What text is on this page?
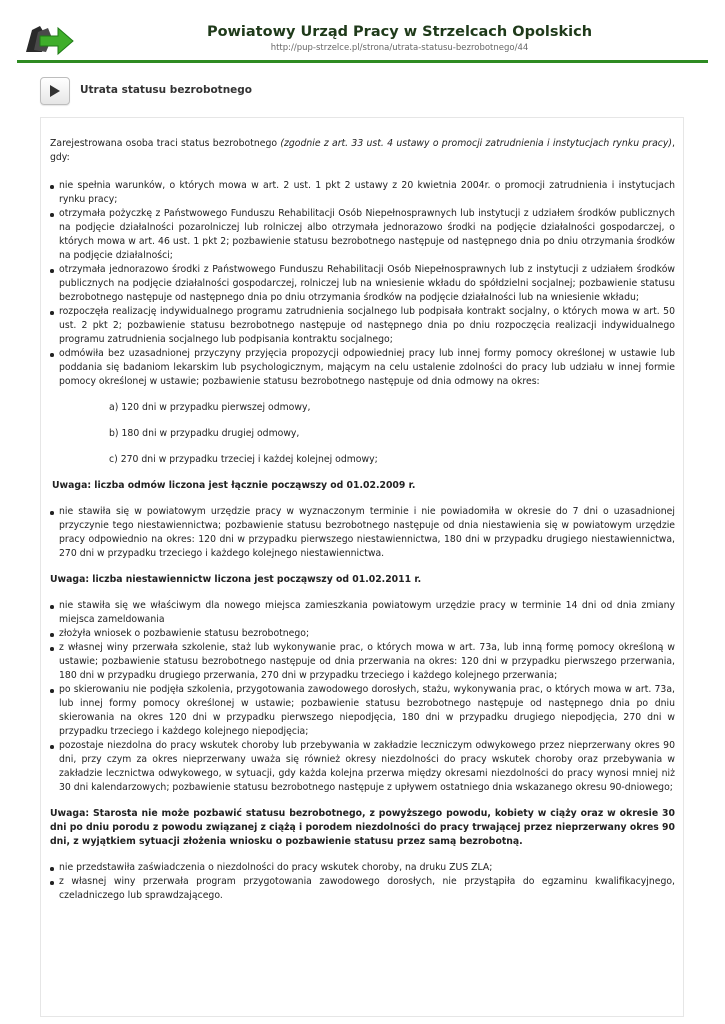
Powiatowy Urząd Pracy w Strzelcach Opolskich
http://pup-strzelce.pl/strona/utrata-statusu-bezrobotnego/44
Utrata statusu bezrobotnego

Zarejestrowana osoba traci status bezrobotnego (zgodnie z art. 33 ust. 4 ustawy o promocji zatrudnienia i instytucjach rynku pracy), gdy:

nie spełnia warunków, o których mowa w art. 2 ust. 1 pkt 2 ustawy z 20 kwietnia 2004r. o promocji zatrudnienia i instytucjach rynku pracy;
otrzymała pożyczkę z Państwowego Funduszu Rehabilitacji Osób Niepełnosprawnych lub instytucji z udziałem środków publicznych na podjęcie działalności pozarolniczej lub rolniczej albo otrzymała jednorazowo środki na podjęcie działalności gospodarczej, o których mowa w art. 46 ust. 1 pkt 2; pozbawienie statusu bezrobotnego następuje od następnego dnia po dniu otrzymania środków na podjęcie działalności;
otrzymała jednorazowo środki z Państwowego Funduszu Rehabilitacji Osób Niepełnosprawnych lub z instytucji z udziałem środków publicznych na podjęcie działalności gospodarczej, rolniczej lub na wniesienie wkładu do spółdzielni socjalnej; pozbawienie statusu bezrobotnego następuje od następnego dnia po dniu otrzymania środków na podjęcie działalności lub na wniesienie wkładu;
rozpoczęła realizację indywidualnego programu zatrudnienia socjalnego lub podpisała kontrakt socjalny, o których mowa w art. 50 ust. 2 pkt 2; pozbawienie statusu bezrobotnego następuje od następnego dnia po dniu rozpoczęcia realizacji indywidualnego programu zatrudnienia socjalnego lub podpisania kontraktu socjalnego;
odmówiła bez uzasadnionej przyczyny przyjęcia propozycji odpowiedniej pracy lub innej formy pomocy określonej w ustawie lub poddania się badaniom lekarskim lub psychologicznym, mającym na celu ustalenie zdolności do pracy lub udziału w innej formie pomocy określonej w ustawie; pozbawienie statusu bezrobotnego następuje od dnia odmowy na okres:

a) 120 dni w przypadku pierwszej odmowy,

b) 180 dni w przypadku drugiej odmowy,

c) 270 dni w przypadku trzeciej i każdej kolejnej odmowy;

Uwaga: liczba odmów liczona jest łącznie począwszy od 01.02.2009 r.

nie stawiła się w powiatowym urzędzie pracy w wyznaczonym terminie i nie powiadomiła w okresie do 7 dni o uzasadnionej przyczynie tego niestawiennictwa; pozbawienie statusu bezrobotnego następuje od dnia niestawienia się w powiatowym urzędzie pracy odpowiednio na okres: 120 dni w przypadku pierwszego niestawiennictwa, 180 dni w przypadku drugiego niestawiennictwa, 270 dni w przypadku trzeciego i każdego kolejnego niestawiennictwa.

Uwaga: liczba niestawiennictw liczona jest począwszy od 01.02.2011 r.

nie stawiła się we właściwym dla nowego miejsca zamieszkania powiatowym urzędzie pracy w terminie 14 dni od dnia zmiany miejsca zameldowania
złożyła wniosek o pozbawienie statusu bezrobotnego;
z własnej winy przerwała szkolenie, staż lub wykonywanie prac, o których mowa w art. 73a, lub inną formę pomocy określoną w ustawie; pozbawienie statusu bezrobotnego następuje od dnia przerwania na okres: 120 dni w przypadku pierwszego przerwania, 180 dni w przypadku drugiego przerwania, 270 dni w przypadku trzeciego i każdego kolejnego przerwania;
po skierowaniu nie podjęła szkolenia, przygotowania zawodowego dorosłych, stażu, wykonywania prac, o których mowa w art. 73a, lub innej formy pomocy określonej w ustawie; pozbawienie statusu bezrobotnego następuje od następnego dnia po dniu skierowania na okres 120 dni w przypadku pierwszego niepodjęcia, 180 dni w przypadku drugiego niepodjęcia, 270 dni w przypadku trzeciego i każdego kolejnego niepodjęcia;
pozostaje niezdolna do pracy wskutek choroby lub przebywania w zakładzie leczniczym odwykowego przez nieprzerwany okres 90 dni, przy czym za okres nieprzerwany uważa się również okresy niezdolności do pracy wskutek choroby oraz przebywania w zakładzie lecznictwa odwykowego, w sytuacji, gdy każda kolejna przerwa między okresami niezdolności do pracy wynosi mniej niż 30 dni kalendarzowych; pozbawienie statusu bezrobotnego następuje z upływem ostatniego dnia wskazanego okresu 90-dniowego;

Uwaga: Starosta nie może pozbawić statusu bezrobotnego, z powyższego powodu, kobiety w ciąży oraz w okresie 30 dni po dniu porodu z powodu związanej z ciążą i porodem niezdolności do pracy trwającej przez nieprzerwany okres 90 dni, z wyjątkiem sytuacji złożenia wniosku o pozbawienie statusu przez samą bezrobotną.

nie przedstawiła zaświadczenia o niezdolności do pracy wskutek choroby, na druku ZUS ZLA;
z własnej winy przerwała program przygotowania zawodowego dorosłych, nie przystąpiła do egzaminu kwalifikacyjnego, czeladniczego lub sprawdzającego.
